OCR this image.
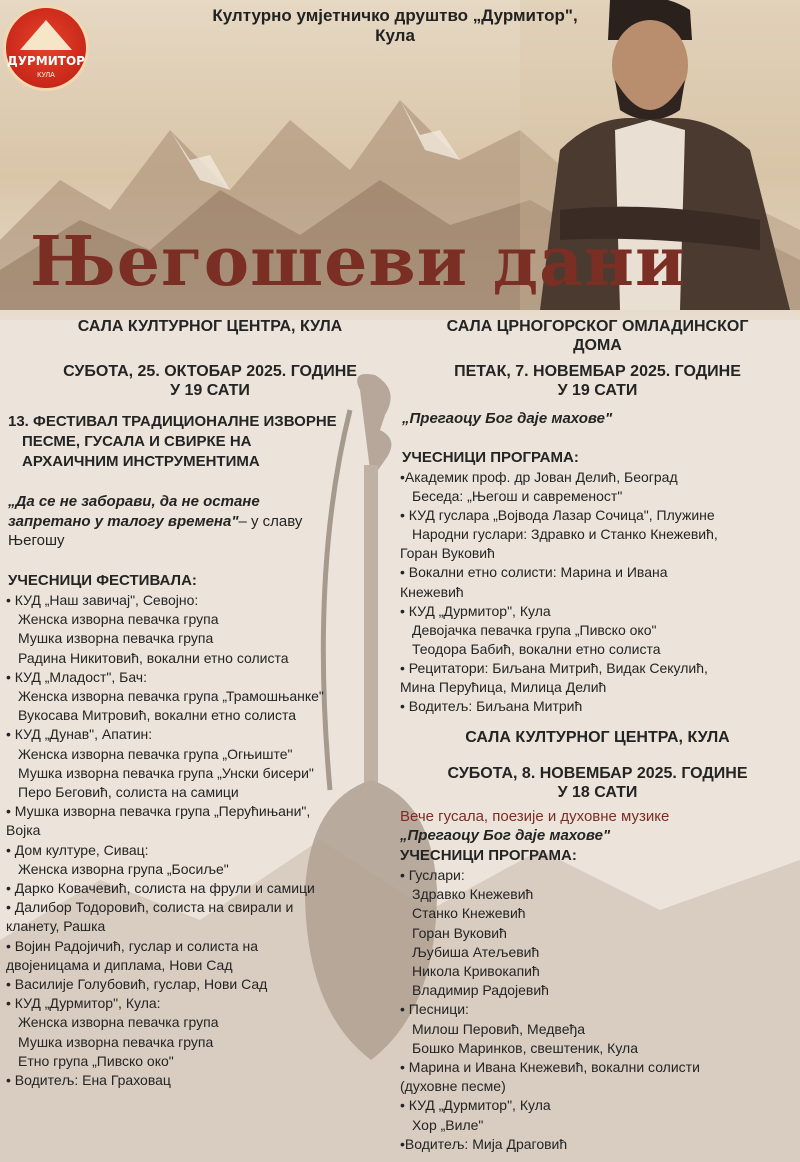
ДУРМИТОР
КУЛА
Културно умјетничко друштво „Дурмитор",
Кула
Његошеви дани
САЛА КУЛТУРНОГ ЦЕНТРА, КУЛА
СУБОТА, 25. ОКТОБАР 2025. ГОДИНЕ
У 19 САТИ
13. ФЕСТИВАЛ ТРАДИЦИОНАЛНЕ ИЗВОРНЕ
ПЕСМЕ, ГУСАЛА И СВИРКЕ НА
АРХАИЧНИМ ИНСТРУМЕНТИМА
„Да се не заборави, да не остане
запретано у талогу времена"– у славу
Његошу
УЧЕСНИЦИ ФЕСТИВАЛА:
• КУД „Наш завичај", Севојно:
Женска изворна певачка група
Мушка изворна певачка група
Радина Никитовић, вокални етно солиста
• КУД „Младост", Бач:
Женска изворна певачка група „Трамошњанке"
Вукосава Митровић, вокални етно солиста
• КУД „Дунав", Апатин:
Женска изворна певачка група „Огњиште"
Мушка изворна певачка група „Унски бисери"
Перо Беговић, солиста на самици
• Мушка изворна певачка група „Перућињани",
Војка
• Дом културе, Сивац:
Женска изворна група „Босиље"
• Дарко Ковачевић, солиста на фрули и самици
• Далибор Тодоровић, солиста на свирали и
кланету, Рашка
• Војин Радојичић, гуслар и солиста на
двојеницама и диплама, Нови Сад
• Василије Голубовић, гуслар, Нови Сад
• КУД „Дурмитор", Кула:
Женска изворна певачка група
Мушка изворна певачка група
Етно група „Пивско око"
• Водитељ: Ена Граховац
САЛА ЦРНОГОРСКОГ ОМЛАДИНСКОГ
ДОМА
ПЕТАК, 7. НОВЕМБАР 2025. ГОДИНЕ
У 19 САТИ
„Прегаоцу Бог даје махове"
УЧЕСНИЦИ ПРОГРАМА:
•Академик проф. др Јован Делић, Београд
Беседа: „Његош и савременост"
• КУД гуслара „Војвода Лазар Сочица", Плужине
Народни гуслари: Здравко и Станко Кнежевић,
Горан Вуковић
• Вокални етно солисти: Марина и Ивана
Кнежевић
• КУД „Дурмитор", Кула
Девојачка певачка група „Пивско око"
Теодора Бабић, вокални етно солиста
• Рецитатори: Биљана Митрић, Видак Секулић,
Мина Перућица, Милица Делић
• Водитељ: Биљана Митрић
САЛА КУЛТУРНОГ ЦЕНТРА, КУЛА
СУБОТА, 8. НОВЕМБАР 2025. ГОДИНЕ
У 18 САТИ
Вече гусала, поезије и духовне музике
„Прегаоцу Бог даје махове"
УЧЕСНИЦИ ПРОГРАМА:
• Гуслари:
Здравко Кнежевић
Станко Кнежевић
Горан Вуковић
Љубиша Атељевић
Никола Кривокапић
Владимир Радојевић
• Песници:
Милош Перовић, Медвеђа
Бошко Маринков, свештеник, Кула
• Марина и Ивана Кнежевић, вокални солисти
(духовне песме)
• КУД „Дурмитор", Кула
Хор „Виле"
•Водитељ: Мија Драговић
